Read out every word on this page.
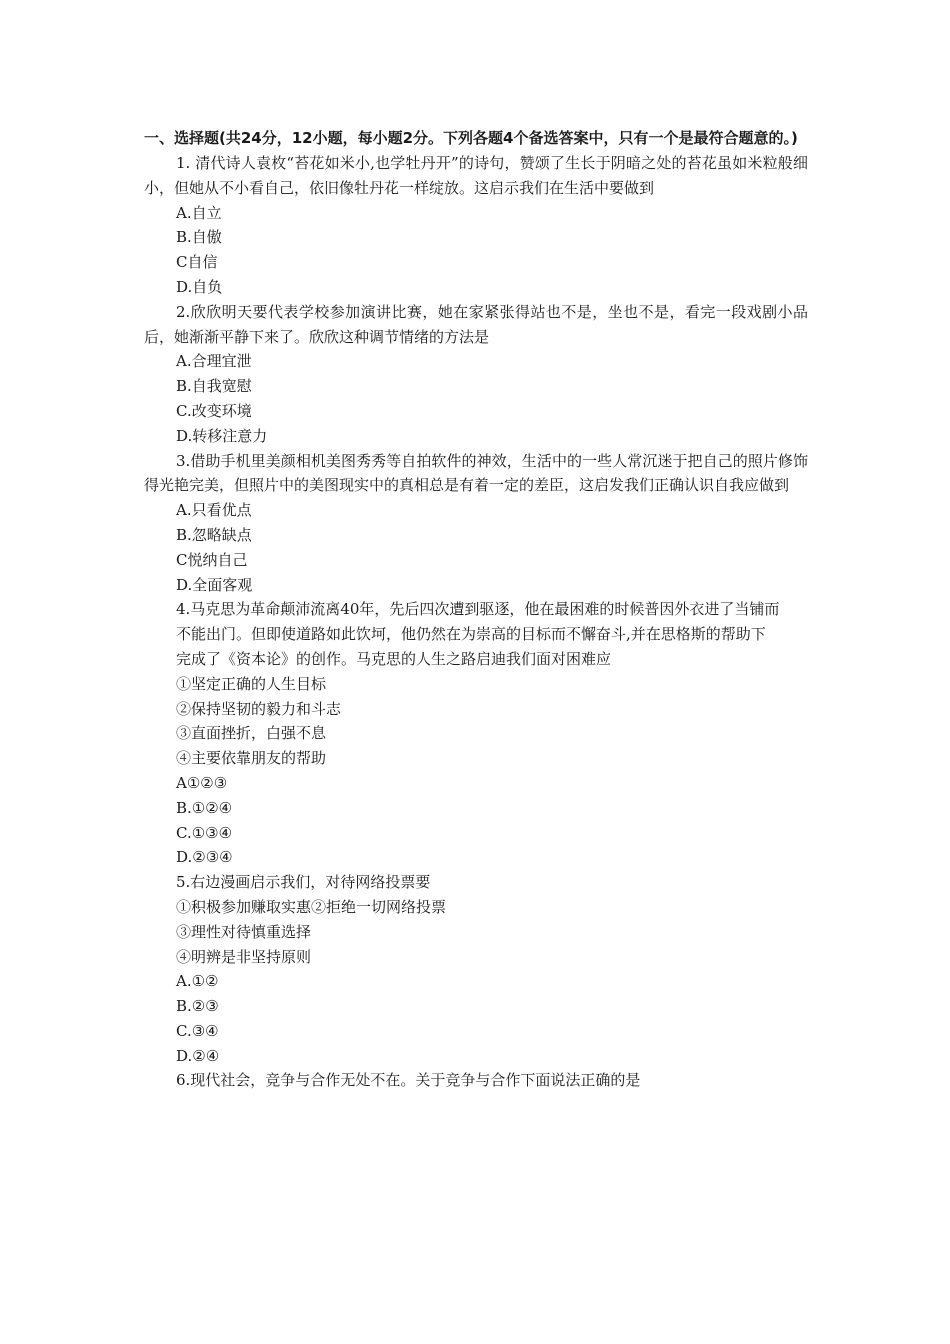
一、选择题(共24分，12小题，每小题2分。下列各题4个备选答案中，只有一个是最符合题意的。)

1. 清代诗人袁枚“苔花如米小,也学牡丹开”的诗句，赞颂了生长于阴暗之处的苔花虽如米粒般细小，但她从不小看自己，依旧像牡丹花一样绽放。这启示我们在生活中要做到

A.自立

B.自傲

C自信

D.自负

2.欣欣明天要代表学校参加演讲比赛，她在家紧张得站也不是，坐也不是，看完一段戏剧小品后，她渐渐平静下来了。欣欣这种调节情绪的方法是

A.合理宜泄

B.自我宽慰

C.改变环境

D.转移注意力

3.借助手机里美颜相机美图秀秀等自拍软件的神效，生活中的一些人常沉迷于把自己的照片修饰得光艳完美，但照片中的美图现实中的真相总是有着一定的差臣，这启发我们正确认识自我应做到

A.只看优点

B.忽略缺点

C悦纳自己

D.全面客观

4.马克思为革命颠沛流离40年，先后四次遭到驱逐，他在最困难的时候普因外衣进了当铺而

不能出门。但即使道路如此饮坷，他仍然在为崇高的目标而不懈奋斗,并在思格斯的帮助下

完成了《资本论》的创作。马克思的人生之路启迪我们面对困难应

①坚定正确的人生目标

②保持坚韧的毅力和斗志

③直面挫折，白强不息

④主要依靠朋友的帮助

A①②③

B.①②④

C.①③④

D.②③④

5.右边漫画启示我们，对待网络投票要

①积极参加赚取实惠②拒绝一切网络投票

③理性对待慎重选择

④明辨是非坚持原则

A.①②

B.②③

C.③④

D.②④

6.现代社会，竞争与合作无处不在。关于竞争与合作下面说法正确的是
